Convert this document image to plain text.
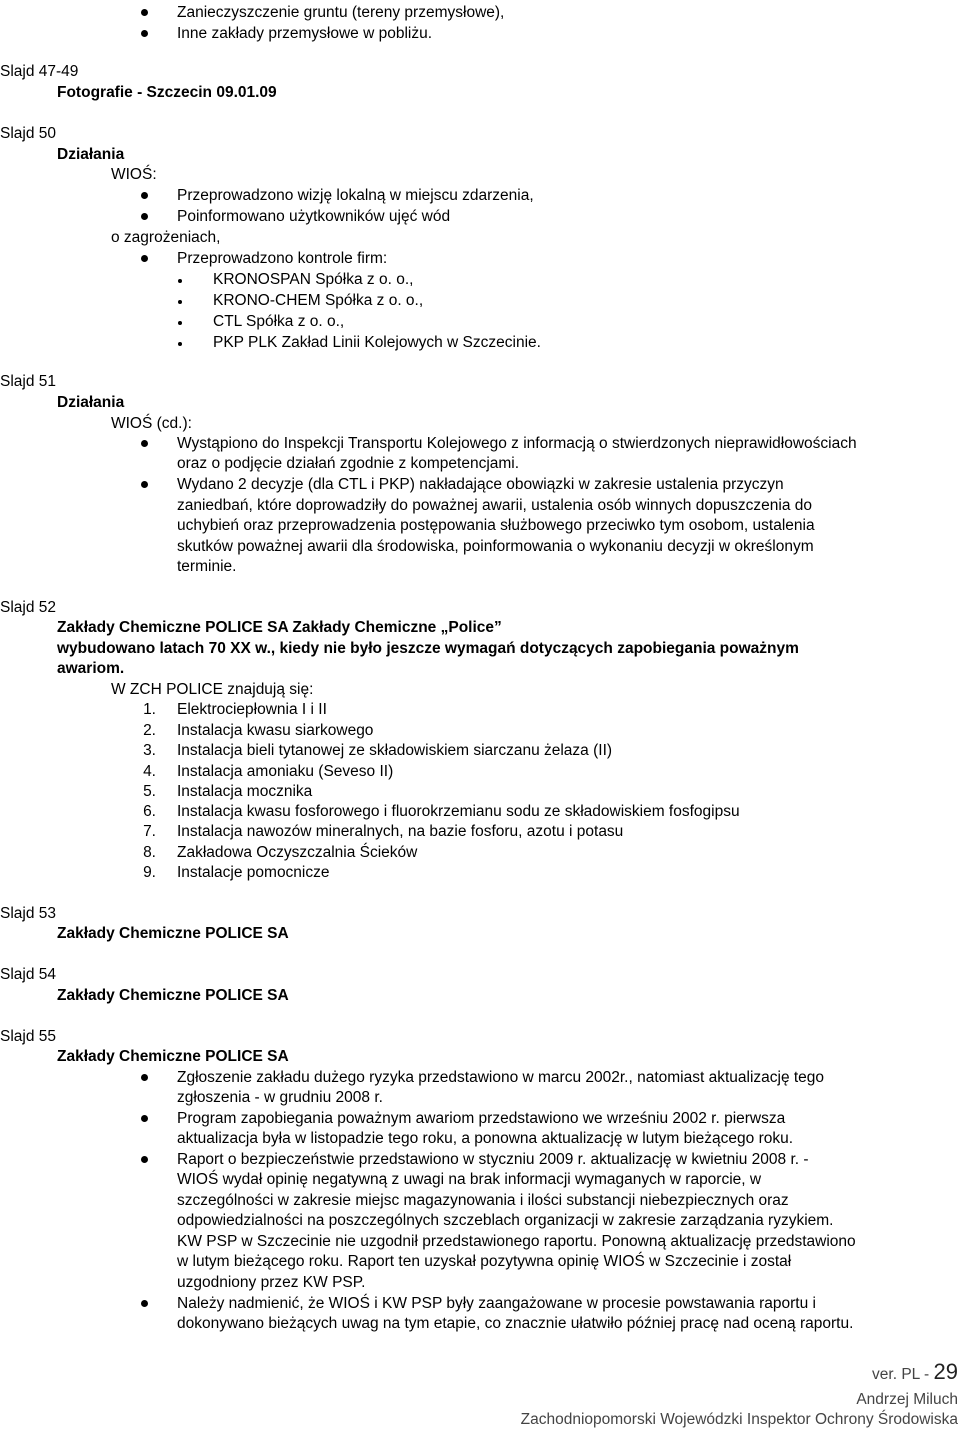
Zanieczyszczenie gruntu (tereny przemysłowe),
Inne zakłady przemysłowe w pobliżu.
Slajd 47-49
Fotografie - Szczecin 09.01.09
Slajd 50
Działania
WIOŚ:
Przeprowadzono wizję lokalną w miejscu zdarzenia,
Poinformowano użytkowników ujęć wód
o zagrożeniach,
Przeprowadzono kontrole firm:
KRONOSPAN Spółka z o. o.,
KRONO-CHEM Spółka z o. o.,
CTL Spółka z o. o.,
PKP PLK Zakład Linii Kolejowych w Szczecinie.
Slajd 51
Działania
WIOŚ (cd.):
Wystąpiono do Inspekcji Transportu Kolejowego z informacją o stwierdzonych nieprawidłowościach
oraz o podjęcie działań zgodnie z kompetencjami.
Wydano 2 decyzje (dla CTL i PKP) nakładające obowiązki w zakresie ustalenia przyczyn
zaniedbań, które doprowadziły do poważnej awarii, ustalenia osób winnych dopuszczenia do
uchybień oraz przeprowadzenia postępowania służbowego przeciwko tym osobom, ustalenia
skutków poważnej awarii dla środowiska, poinformowania o wykonaniu decyzji w określonym
terminie.
Slajd 52
Zakłady Chemiczne POLICE SA Zakłady Chemiczne „Police”
wybudowano latach 70 XX w., kiedy nie było jeszcze wymagań dotyczących zapobiegania poważnym
awariom.
W ZCH POLICE znajdują się:
1. Elektrociepłownia I i II
2. Instalacja kwasu siarkowego
3. Instalacja bieli tytanowej ze składowiskiem siarczanu żelaza (II)
4. Instalacja amoniaku (Seveso II)
5. Instalacja mocznika
6. Instalacja kwasu fosforowego i fluorokrzemianu sodu ze składowiskiem fosfogipsu
7. Instalacja nawozów mineralnych, na bazie fosforu, azotu i potasu
8. Zakładowa Oczyszczalnia Ścieków
9. Instalacje pomocnicze
Slajd 53
Zakłady Chemiczne POLICE SA
Slajd 54
Zakłady Chemiczne POLICE SA
Slajd 55
Zakłady Chemiczne POLICE SA
Zgłoszenie zakładu dużego ryzyka przedstawiono w marcu 2002r., natomiast aktualizację tego
zgłoszenia - w grudniu 2008 r.
Program zapobiegania poważnym awariom przedstawiono we wrześniu 2002 r. pierwsza
aktualizacja była w listopadzie tego roku, a ponowna aktualizację w lutym bieżącego roku.
Raport o bezpieczeństwie przedstawiono w styczniu 2009 r. aktualizację w kwietniu 2008 r. -
WIOŚ wydał opinię negatywną z uwagi na brak informacji wymaganych w raporcie, w
szczególności w zakresie miejsc magazynowania i ilości substancji niebezpiecznych oraz
odpowiedzialności na poszczególnych szczeblach organizacji w zakresie zarządzania ryzykiem.
KW PSP w Szczecinie nie uzgodnił przedstawionego raportu. Ponowną aktualizację przedstawiono
w lutym bieżącego roku. Raport ten uzyskał pozytywna opinię WIOŚ w Szczecinie i został
uzgodniony przez KW PSP.
Należy nadmienić, że WIOŚ i KW PSP były zaangażowane w procesie powstawania raportu i
dokonywano bieżących uwag na tym etapie, co znacznie ułatwiło później pracę nad oceną raportu.
ver. PL - 29
Andrzej Miluch
Zachodniopomorski Wojewódzki Inspektor Ochrony Środowiska
